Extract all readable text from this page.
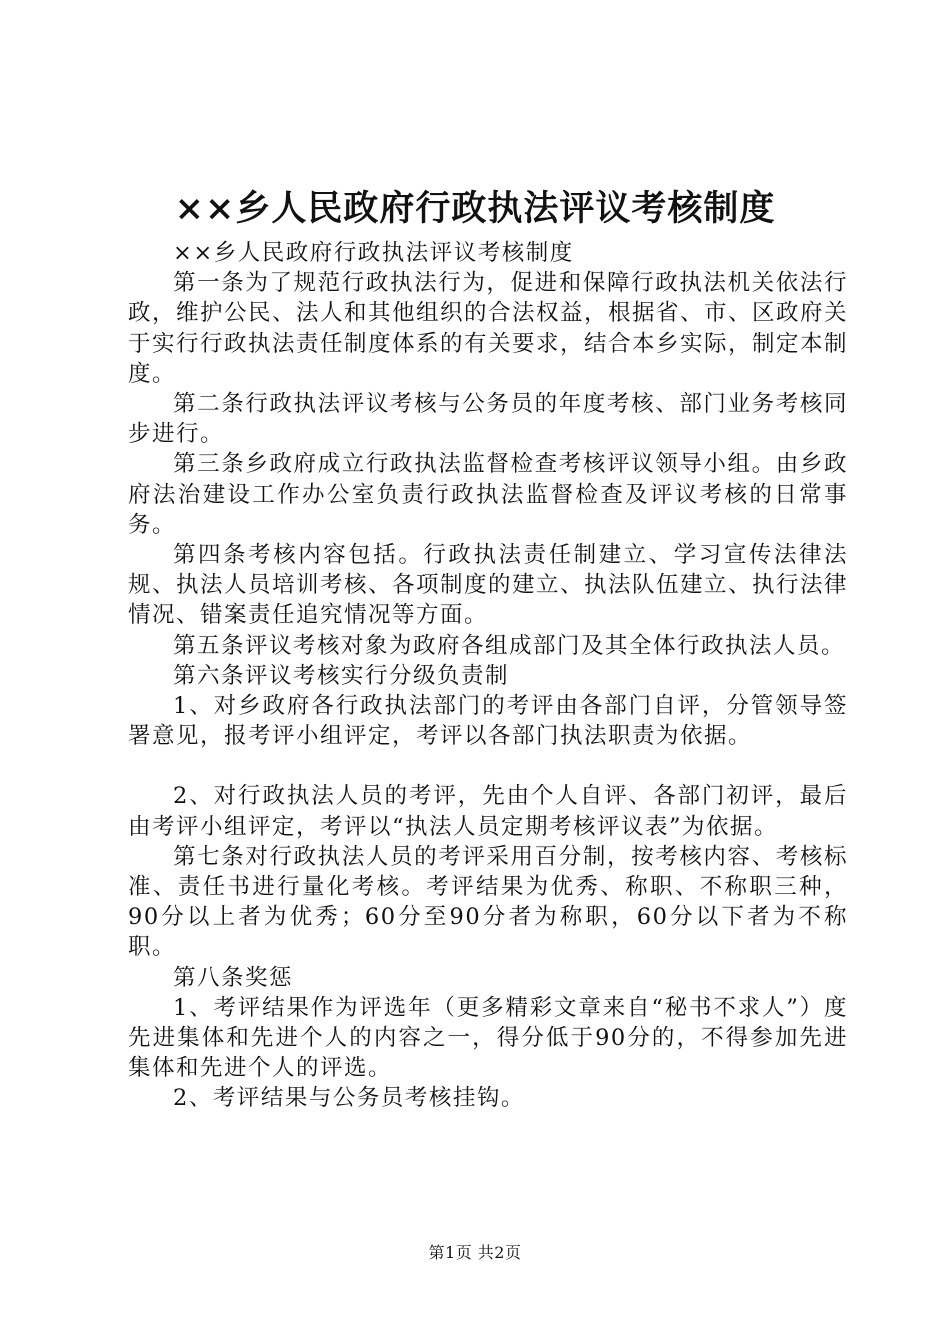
××乡人民政府行政执法评议考核制度

××乡人民政府行政执法评议考核制度

第一条为了规范行政执法行为，促进和保障行政执法机关依法行政，维护公民、法人和其他组织的合法权益，根据省、市、区政府关于实行行政执法责任制度体系的有关要求，结合本乡实际，制定本制度。

第二条行政执法评议考核与公务员的年度考核、部门业务考核同步进行。

第三条乡政府成立行政执法监督检查考核评议领导小组。由乡政府法治建设工作办公室负责行政执法监督检查及评议考核的日常事务。

第四条考核内容包括。行政执法责任制建立、学习宣传法律法规、执法人员培训考核、各项制度的建立、执法队伍建立、执行法律情况、错案责任追究情况等方面。

第五条评议考核对象为政府各组成部门及其全体行政执法人员。

第六条评议考核实行分级负责制

1、对乡政府各行政执法部门的考评由各部门自评，分管领导签署意见，报考评小组评定，考评以各部门执法职责为依据。

2、对行政执法人员的考评，先由个人自评、各部门初评，最后由考评小组评定，考评以“执法人员定期考核评议表”为依据。

第七条对行政执法人员的考评采用百分制，按考核内容、考核标准、责任书进行量化考核。考评结果为优秀、称职、不称职三种，90分以上者为优秀；60分至90分者为称职，60分以下者为不称职。

第八条奖惩

1、考评结果作为评选年（更多精彩文章来自“秘书不求人”）度先进集体和先进个人的内容之一，得分低于90分的，不得参加先进集体和先进个人的评选。

2、考评结果与公务员考核挂钩。

第1页 共2页
